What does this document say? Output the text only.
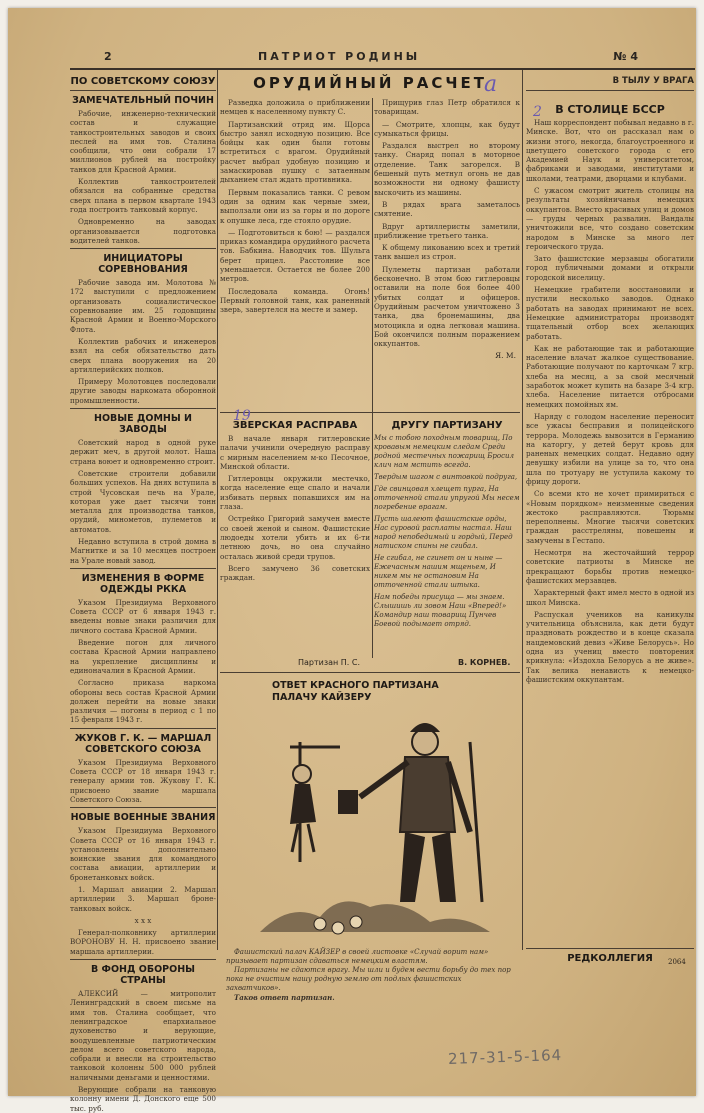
2	ПАТРИОТ РОДИНЫ	№ 4
ПО СОВЕТСКОМУ СОЮЗУ
ЗАМЕЧАТЕЛЬНЫЙ ПОЧИН

Рабочие, инженерно-технический состав и служащие танкостроительных заводов и своих песлей на имя тов. Сталина сообщили, что они собрали 17 миллионов рублей на постройку танков для Красной Армии.

Коллектив танкостроителей обязался на собранные средства сверх плана в первом квартале 1943 года построить танковый корпус.

Одновременно на заводах организовывается подготовка водителей танков.

ИНИЦИАТОРЫ СОРЕВНОВАНИЯ

Рабочие завода им. Молотова № 172 выступили с предложением организовать социалистическое соревнование им. 25 годовщины Красной Армии и Военно-Морского Флота.

Коллектив рабочих и инженеров взял на себя обязательство дать сверх плана вооружения на 20 артиллерийских полков.

Примеру Молотовцев последовали другие заводы наркомата оборонной промышленности.

НОВЫЕ ДОМНЫ И ЗАВОДЫ

Советский народ в одной руке держит меч, в другой молот. Наша страна воюет и одновременно строит.

Советские строители добавили больших успехов. На днях вступила в строй Чусовская печь на Урале, которая уже дает тысячи тонн металла для производства танков, орудий, минометов, пулеметов и автоматов.

Недавно вступила в строй домна в Магнитке и за 10 месяцев построен на Урале новый завод.

ИЗМЕНЕНИЯ В ФОРМЕ ОДЕЖДЫ РККА

Указом Президиума Верховного Совета СССР от 6 января 1943 г. введены новые знаки различия для личного состава Красной Армии.

Введение погон для личного состава Красной Армии направлено на укрепление дисциплины и единоначалия в Красной Армии.

Согласно приказа наркома обороны весь состав Красной Армии должен перейти на новые знаки различия — погоны в период с 1 по 15 февраля 1943 г.

ЖУКОВ Г. К. — МАРШАЛ СОВЕТСКОГО СОЮЗА

Указом Президиума Верховного Совета СССР от 18 января 1943 г. генералу армии тов. Жукову Г. К. присвоено звание маршала Советского Союза.

НОВЫЕ ВОЕННЫЕ ЗВАНИЯ

Указом Президиума Верховного Совета СССР от 16 января 1943 г. установлены дополнительно воинские звания для командного состава авиации, артиллерии и бронетанковых войск.

1. Маршал авиации 2. Маршал артиллерии 3. Маршал броне-танковых войск.

x x x

Генерал-полковнику артиллерии ВОРОНОВУ Н. Н. присвоено звание маршала артиллерии.

В ФОНД ОБОРОНЫ СТРАНЫ

АЛЕКСИЙ — митрополит Ленинградский в своем письме на имя тов. Сталина сообщает, что ленинградское епархиальное духовенство и верующие, воодушевленные патриотическим делом всего советского народа, собрали и внесли на строительство танковой колонны 500 000 рублей наличными деньгами и ценностями.

Верующие собрали на танковую колонну имени Д. Донского еще 500 тыс. руб.

ОРУДИЙНЫЙ РАСЧЕТ
a

Разведка доложила о приближении немцев к населенному пункту С.

Партизанский отряд им. Щорса быстро занял исходную позицию. Все бойцы как один были готовы встретиться с врагом. Орудийный расчет выбрал удобную позицию и замаскировав пушку с затаенным дыханием стал ждать противника.

Первым показались танки. С ревом один за одним как черные змеи, выползали они из за горы и по дороге к опушке леса, где стояло орудие.

— Подготовиться к бою! — раздался приказ командира орудийного расчета тов. Бабкина. Наводчик тов. Шульга берет прицел. Расстояние все уменьшается. Остается не более 200 метров.

Последовала команда. Огонь! Первый головной танк, как раненный зверь, завертелся на месте и замер.

Прищурив глаз Петр обратился к товарищам.

— Смотрите, хлопцы, как будут сумыкаться фрицы.

Раздался выстрел но второму танку. Снаряд попал в моторное отделение. Танк загорелся. В бешеный путь метнул огонь не дав возможности ни одному фашисту выскочить из машины.

В рядах врага заметалось смятение.

Вдруг артиллеристы заметили, приближение третьего танка.

К общему ликованию всех и третий танк вышел из строя.

Пулеметы партизан работали бесконечно. В этом бою гитлеровцы оставили на поле боя более 400 убитых солдат и офицеров. Орудийным расчетом уничтожено 3 танка, два бронемашины, два мотоцикла и одна легковая машина. Бой окончился полным поражением оккупантов.

Я. М.
В ТЫЛУ У ВРАГА
В СТОЛИЦЕ БССР

Наш корреспондент побывал недавно в г. Минске. Вот, что он рассказал нам о жизни этого, некогда, благоустроенного и цветущего советского города с его Академией Наук и университетом, фабриками и заводами, институтами и школами, театрами, дворцами и клубами.

С ужасом смотрит житель столицы на результаты хозяйничанья немецких оккупантов. Вместо красивых улиц и домов — груды черных развалин. Вандалы уничтожили все, что создано советским народом в Минске за много лет героического труда.

Зато фашистские мерзавцы обогатили город публичными домами и открыли городской виселицу.

Немецкие грабители восстановили и пустили несколько заводов. Однако работать на заводах принимают не всех. Немецкие администраторы производят тщательный отбор всех желающих работать.

Как не работающие так и работающие население влачат жалкое существование. Работающие получают по карточкам 7 кгр. хлеба на месяц, а за свой месячный заработок может купить на базаре 3-4 кгр. хлеба. Население питается отбросами немецких помойных ям.

Наряду с голодом население переносит все ужасы бесправия и полицейского террора. Молодежь вывозится в Германию на каторгу, у детей берут кровь для раненых немецких солдат. Недавно одну девушку избили на улице за то, что она шла по тротуару не уступила какому то фрицу дороги.

Со всеми кто не хочет примириться с «Новым порядком» неизменные сведения жестоко расправляются. Тюрьмы переполнены. Многие тысячи советских граждан расстреляны, повешены и замучены в Гестапо.

Несмотря на жесточайший террор советские патриоты в Минске не прекращают борьбы против немецко-фашистских мерзавцев.

Характерный факт имел место в одной из школ Минска.

Распуская учеников на каникулы учительница объяснила, как дети будут праздновать рождество и в конце сказала нацдемовский девиз «Живе Белорусь». Но одна из учениц вместо повторения крикнула: «Издохла Белорусь а не живе». Так велика ненависть к немецко-фашистским оккупантам.

2
19
ЗВЕРСКАЯ РАСПРАВА

В начале января гитлеровские палачи учинили очередную расправу с мирным населением м-ко Песочное, Минской области.

Гитлеровцы окружили местечко, когда население еще спало и начали избивать первых попавшихся им на глаза.

Острейко Григорий замучен вместе со своей женой и сыном. Фашистские людоеды хотели убить и их 6-ти летнюю дочь, но она случайно осталась живой среди трупов.

Всего замучено 36 советских граждан.

Партизан П. С.
ДРУГУ ПАРТИЗАНУ

Мы с тобою походным товарищ, По кровавым немецким следам Среди родной местечных пожарищ Бросил клич нам мстить всегда.

Твердым шагом с винтовкой подруга,

Где свинцовая хлещет пурга, На отточенной стали упругой Мы несем погребение врагам.

Пусть шалеют фашистские орды, Нас суровой расплаты настал. Наш народ непобедимый и гордый, Перед натиском спины не сгибал.

Не сгибал, не сгинет он и ныне — Ежечасным нашим мщеньем, И никем мы не остановим На отточенной стали штыка.

Нам победы присуща — мы знаем. Слышишь ли зовом Наш «Вперед!» Командир наш товарищ Пунчев Боевой подымает отряд.

В. КОРНЕВ.
ОТВЕТ КРАСНОГО ПАРТИЗАНА ПАЛАЧУ КАЙЗЕРУ

Фашистский палач КАЙЗЕР в своей листовке «Случай ворит нам» призывает партизан сдаваться немецким властям.

Партизаны не сдаются врагу. Мы шли и будем вести борьбу до тех пор пока не очистим нашу родную землю от подлых фашистских захватчиков».

Таков ответ партизан.

РЕДКОЛЛЕГИЯ	2064
217-31-5-164
